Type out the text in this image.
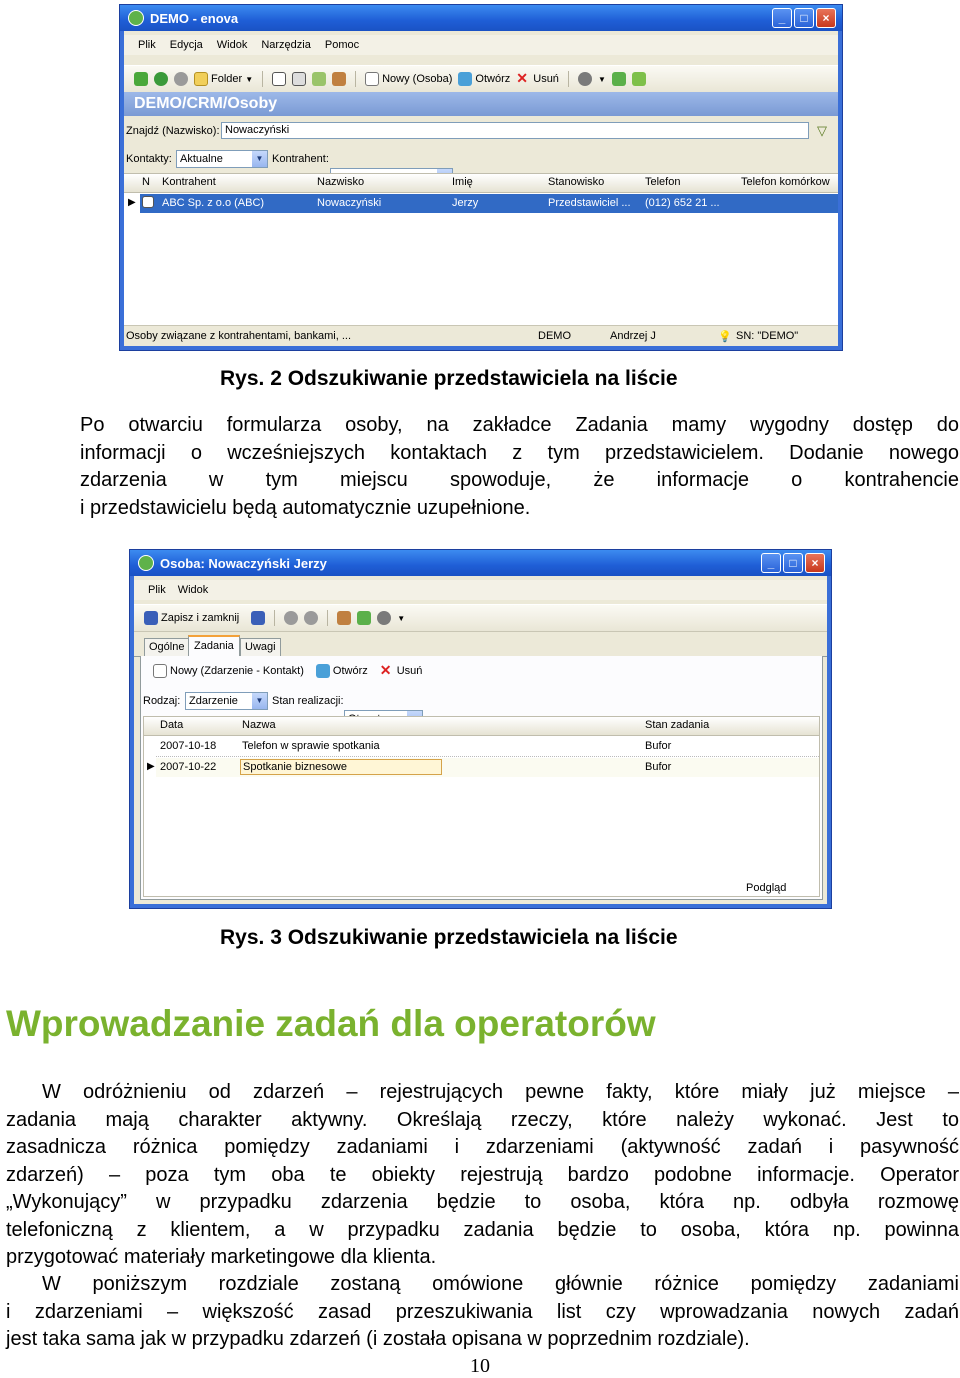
DEMO - enova	_	□	×
Plik Edycja Widok Narzędzia Pomoc
Folder ▼	Nowy (Osoba) Otwórz ✕ Usuń	▼
DEMO/CRM/Osoby
Znajdź (Nazwisko): Nowaczyński	▽
Kontakty: Aktualne	▼ Kontrahent:
N Kontrahent	Nazwisko	Imię	Stanowisko	Telefon	Telefon komórkow
ABC Sp. z o.o (ABC)	Nowaczyński	Jerzy	Przedstawiciel ... (012) 652 21 ...
▶
Osoby związane z kontrahentami, bankami, ...	DEMO	Andrzej J	💡 SN: "DEMO"
Rys. 2 Odszukiwanie przedstawiciela na liście

Po otwarciu formularza osoby, na zakładce Zadania mamy wygodny dostęp do

informacji o wcześniejszych kontaktach z tym przedstawicielem. Dodanie nowego

zdarzenia w tym miejscu spowoduje, że informacje o kontrahencie

i przedstawicielu będą automatycznie uzupełnione.

Osoba: Nowaczyński Jerzy	_	□	×
Plik Widok
Zapisz i zamknij	▼
Ogólne Zadania	Uwagi
Nowy (Zdarzenie - Kontakt)	Otwórz ✕ Usuń
Rodzaj: Zdarzenie	▼ Stan realizacji:
Data	Nazwa	Stan zadania
2007-10-18 Telefon w sprawie spotkania	Bufor
2007-10-22 Spotkanie biznesowe	Bufor
▶
Podgląd
Rys. 3 Odszukiwanie przedstawiciela na liście
Wprowadzanie zadań dla operatorów

W odróżnieniu od zdarzeń – rejestrujących pewne fakty, które miały już miejsce –

zadania mają charakter aktywny. Określają rzeczy, które należy wykonać. Jest to

zasadnicza różnica pomiędzy zadaniami i zdarzeniami (aktywność zadań i pasywność

zdarzeń) – poza tym oba te obiekty rejestrują bardzo podobne informacje. Operator

„Wykonujący” w przypadku zdarzenia będzie to osoba, która np. odbyła rozmowę

telefoniczną z klientem, a w przypadku zadania będzie to osoba, która np. powinna

przygotować materiały marketingowe dla klienta.

W poniższym rozdziale zostaną omówione głównie różnice pomiędzy zadaniami

i zdarzeniami – większość zasad przeszukiwania list czy wprowadzania nowych zadań

jest taka sama jak w przypadku zdarzeń (i została opisana w poprzednim rozdziale).

10
